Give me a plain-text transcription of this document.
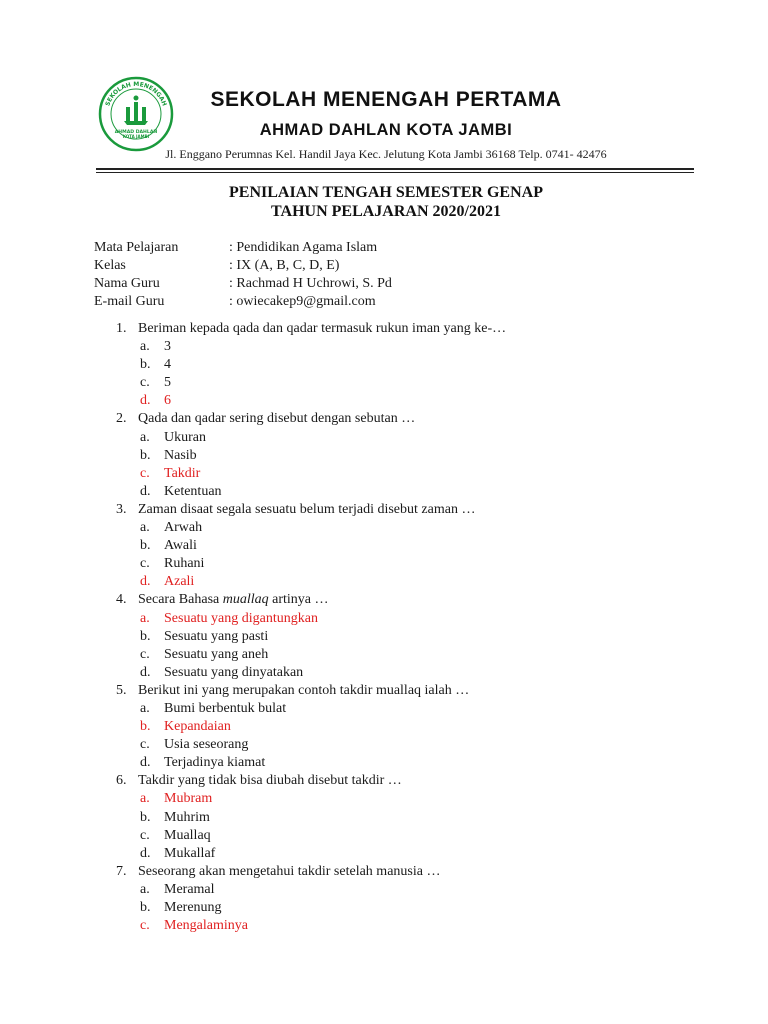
SEKOLAH MENENGAH
AHMAD DAHLAN
KOTA JAMBI
SEKOLAH MENENGAH PERTAMA
AHMAD DAHLAN KOTA JAMBI
Jl. Enggano Perumnas Kel. Handil Jaya Kec. Jelutung Kota Jambi 36168 Telp. 0741- 42476
PENILAIAN TENGAH SEMESTER GENAP
TAHUN PELAJARAN 2020/2021
Mata Pelajaran	: Pendidikan Agama Islam
Kelas	: IX (A, B, C, D, E)
Nama Guru	: Rachmad H Uchrowi, S. Pd
E-mail Guru	: owiecakep9@gmail.com
1. Beriman kepada qada dan qadar termasuk rukun iman yang ke-…
a.	3
b. 4
c.	5
d. 6
2. Qada dan qadar sering disebut dengan sebutan …
a.	Ukuran
b. Nasib
c.	Takdir
d. Ketentuan
3. Zaman disaat segala sesuatu belum terjadi disebut zaman …
a.	Arwah
b. Awali
c.	Ruhani
d. Azali
4. Secara Bahasa muallaq artinya …
a.	Sesuatu yang digantungkan
b. Sesuatu yang pasti
c.	Sesuatu yang aneh
d. Sesuatu yang dinyatakan
5. Berikut ini yang merupakan contoh takdir muallaq ialah …
a.	Bumi berbentuk bulat
b. Kepandaian
c.	Usia seseorang
d. Terjadinya kiamat
6. Takdir yang tidak bisa diubah disebut takdir …
a.	Mubram
b. Muhrim
c.	Muallaq
d. Mukallaf
7. Seseorang akan mengetahui takdir setelah manusia …
a.	Meramal
b. Merenung
c.	Mengalaminya
